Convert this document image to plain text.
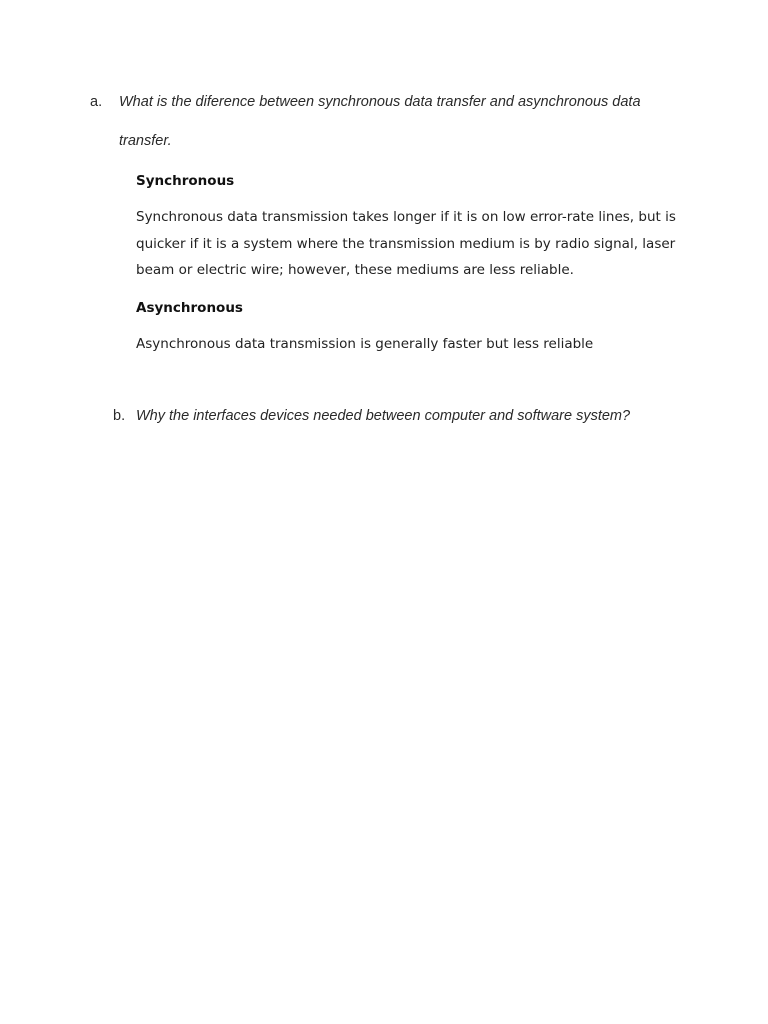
a. What is the diference between synchronous data transfer and asynchronous data
transfer.
Synchronous
Synchronous data transmission takes longer if it is on low error-rate lines, but is
quicker if it is a system where the transmission medium is by radio signal, laser
beam or electric wire; however, these mediums are less reliable.
Asynchronous
Asynchronous data transmission is generally faster but less reliable
b. Why the interfaces devices needed between computer and software system?
